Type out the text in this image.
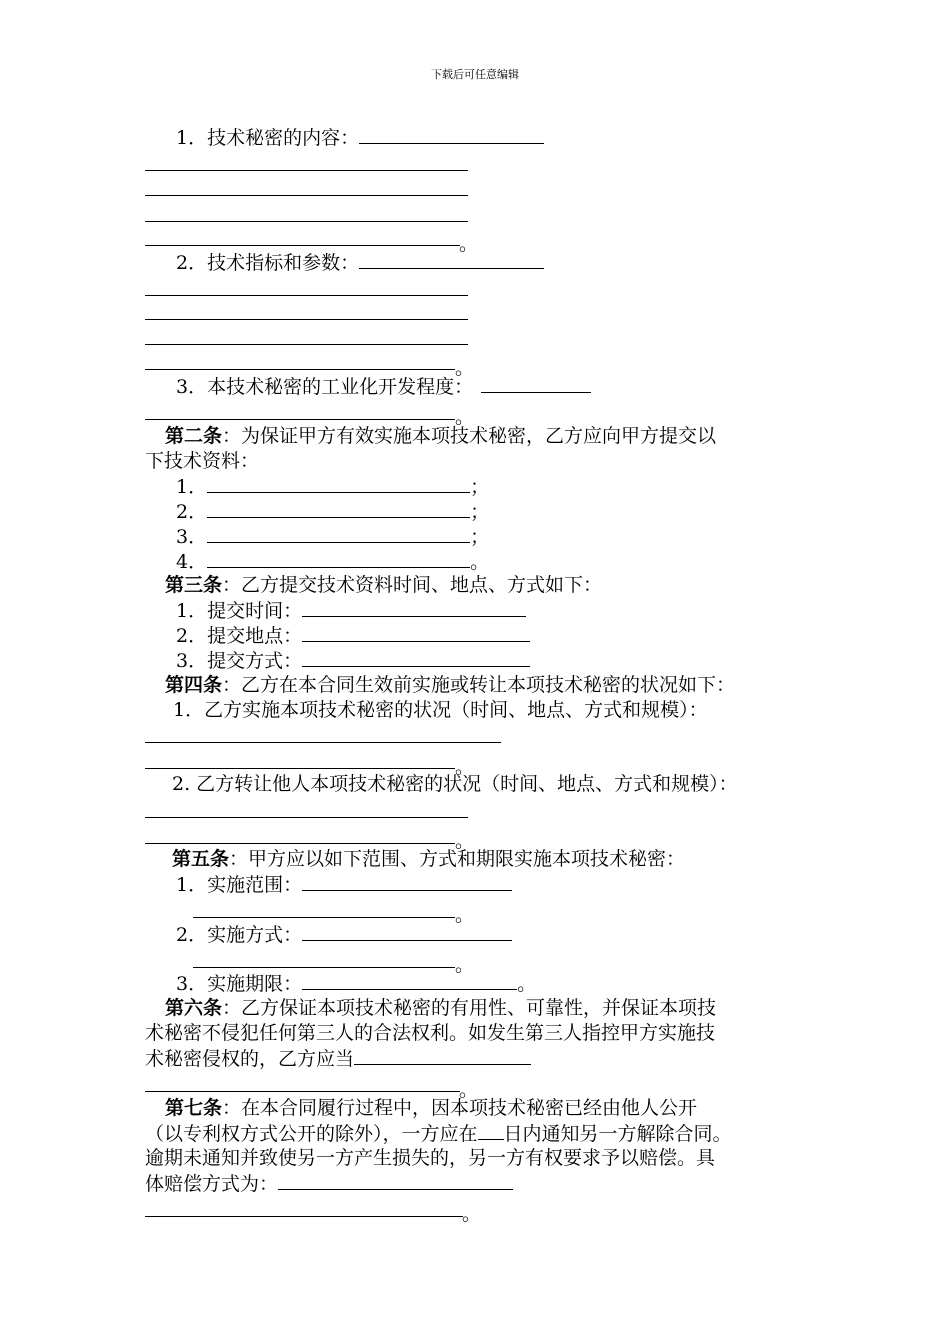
下载后可任意编辑
1．技术秘密的内容：
。
2．技术指标和参数：
。
3．本技术秘密的工业化开发程度：
。
第二条：为保证甲方有效实施本项技术秘密，乙方应向甲方提交以
下技术资料：
1．	；
2．	；
3．	；
4．	。
第三条：乙方提交技术资料时间、地点、方式如下：
1．提交时间：
2．提交地点：
3．提交方式：
第四条：乙方在本合同生效前实施或转让本项技术秘密的状况如下：
1．乙方实施本项技术秘密的状况（时间、地点、方式和规模）：
。
2. 乙方转让他人本项技术秘密的状况（时间、地点、方式和规模）：
。
第五条：甲方应以如下范围、方式和期限实施本项技术秘密：
1．实施范围：
。
2．实施方式：
。
3．实施期限：	。
第六条：乙方保证本项技术秘密的有用性、可靠性，并保证本项技
术秘密不侵犯任何第三人的合法权利。如发生第三人指控甲方实施技
术秘密侵权的，乙方应当
。
第七条：在本合同履行过程中，因本项技术秘密已经由他人公开
（以专利权方式公开的除外），一方应在 日内通知另一方解除合同。
逾期未通知并致使另一方产生损失的，另一方有权要求予以赔偿。具
体赔偿方式为：
。
